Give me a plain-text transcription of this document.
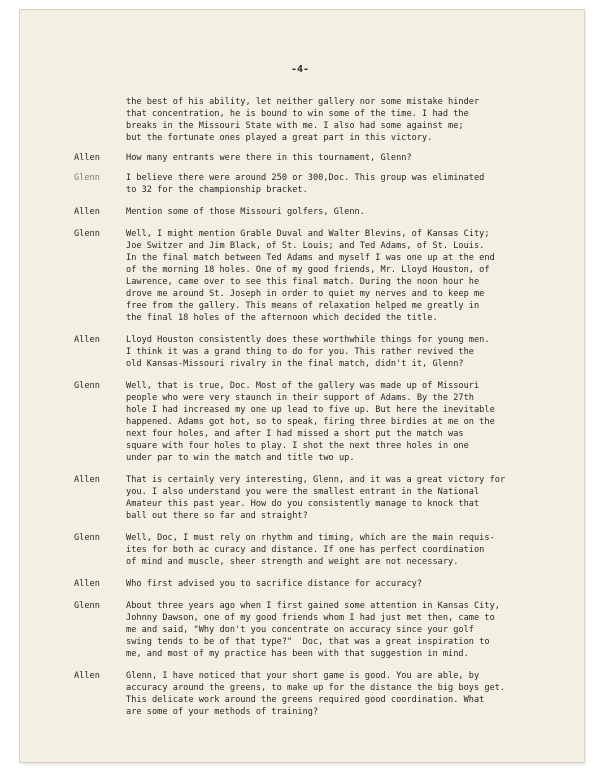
-4-
the best of his ability, let neither gallery nor some mistake hinder
that concentration, he is bound to win some of the time. I had the
breaks in the Missouri State with me. I also had some against me;
but the fortunate ones played a great part in this victory.
Allen	How many entrants were there in this tournament, Glenn?
Glenn	I believe there were around 250 or 300,Doc. This group was eliminated
to 32 for the championship bracket.
Allen	Mention some of those Missouri golfers, Glenn.
Glenn	Well, I might mention Grable Duval and Walter Blevins, of Kansas City;
Joe Switzer and Jim Black, of St. Louis; and Ted Adams, of St. Louis.
In the final match between Ted Adams and myself I was one up at the end
of the morning 18 holes. One of my good friends, Mr. Lloyd Houston, of
Lawrence, came over to see this final match. During the noon hour he
drove me around St. Joseph in order to quiet my nerves and to keep me
free from the gallery. This means of relaxation helped me greatly in
the final 18 holes of the afternoon which decided the title.
Allen	Lloyd Houston consistently does these worthwhile things for young men.
I think it was a grand thing to do for you. This rather revived the
old Kansas-Missouri rivalry in the final match, didn't it, Glenn?
Glenn	Well, that is true, Doc. Most of the gallery was made up of Missouri
people who were very staunch in their support of Adams. By the 27th
hole I had increased my one up lead to five up. But here the inevitable
happened. Adams got hot, so to speak, firing three birdies at me on the
next four holes, and after I had missed a short put the match was
square with four holes to play. I shot the next three holes in one
under par to win the match and title two up.
Allen	That is certainly very interesting, Glenn, and it was a great victory for
you. I also understand you were the smallest entrant in the National
Amateur this past year. How do you consistently manage to knock that
ball out there so far and straight?
Glenn	Well, Doc, I must rely on rhythm and timing, which are the main requis-
ites for both ac curacy and distance. If one has perfect coordination
of mind and muscle, sheer strength and weight are not necessary.
Allen	Who first advised you to sacrifice distance for accuracy?
Glenn	About three years ago when I first gained some attention in Kansas City,
Johnny Dawson, one of my good friends whom I had just met then, came to
me and said, "Why don't you concentrate on accuracy since your golf
swing tends to be of that type?"  Doc, that was a great inspiration to
me, and most of my practice has been with that suggestion in mind.
Allen	Glenn, I have noticed that your short game is good. You are able, by
accuracy around the greens, to make up for the distance the big boys get.
This delicate work around the greens required good coordination. What
are some of your methods of training?
